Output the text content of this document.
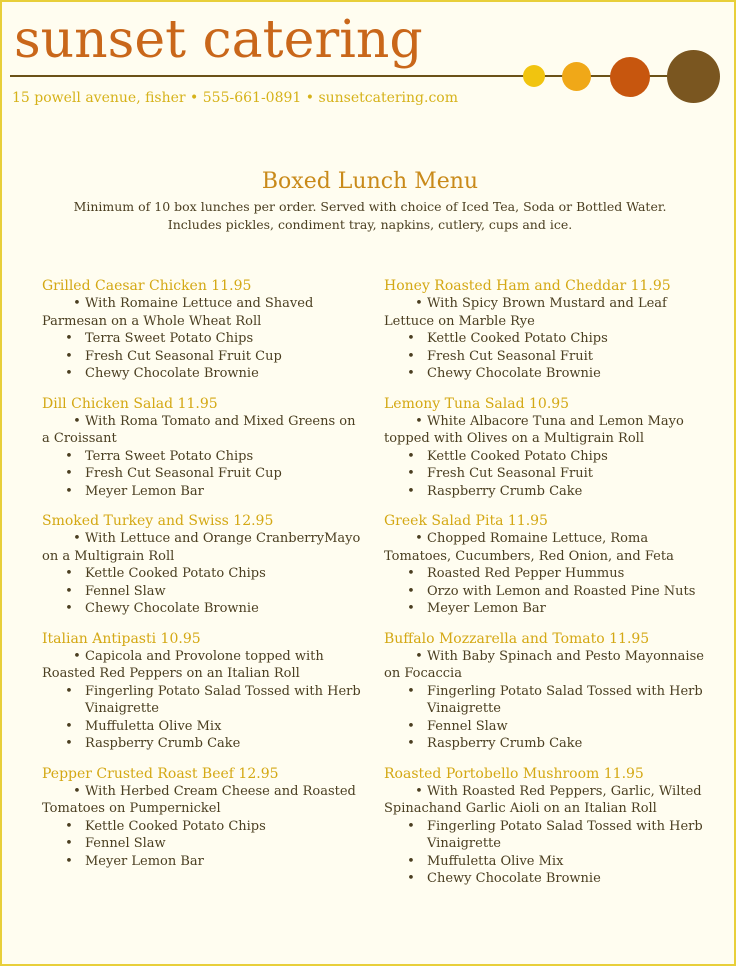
sunset catering
15 powell avenue, fisher • 555-661-0891 • sunsetcatering.com
Boxed Lunch Menu
Minimum of 10 box lunches per order. Served with choice of Iced Tea, Soda or Bottled Water.
Includes pickles, condiment tray, napkins, cutlery, cups and ice.
Grilled Caesar Chicken 11.95
• With Romaine Lettuce and Shaved Parmesan on a Whole Wheat Roll
• Terra Sweet Potato Chips
• Fresh Cut Seasonal Fruit Cup
• Chewy Chocolate Brownie
Dill Chicken Salad 11.95
• With Roma Tomato and Mixed Greens on a Croissant
• Terra Sweet Potato Chips
• Fresh Cut Seasonal Fruit Cup
• Meyer Lemon Bar
Smoked Turkey and Swiss 12.95
• With Lettuce and Orange CranberryMayo on a Multigrain Roll
• Kettle Cooked Potato Chips
• Fennel Slaw
• Chewy Chocolate Brownie
Italian Antipasti 10.95
• Capicola and Provolone topped with Roasted Red Peppers on an Italian Roll
• Fingerling Potato Salad Tossed with Herb Vinaigrette
• Muffuletta Olive Mix
• Raspberry Crumb Cake
Pepper Crusted Roast Beef 12.95
• With Herbed Cream Cheese and Roasted Tomatoes on Pumpernickel
• Kettle Cooked Potato Chips
• Fennel Slaw
• Meyer Lemon Bar
Honey Roasted Ham and Cheddar 11.95
• With Spicy Brown Mustard and Leaf Lettuce on Marble Rye
• Kettle Cooked Potato Chips
• Fresh Cut Seasonal Fruit
• Chewy Chocolate Brownie
Lemony Tuna Salad 10.95
• White Albacore Tuna and Lemon Mayo topped with Olives on a Multigrain Roll
• Kettle Cooked Potato Chips
• Fresh Cut Seasonal Fruit
• Raspberry Crumb Cake
Greek Salad Pita 11.95
• Chopped Romaine Lettuce, Roma Tomatoes, Cucumbers, Red Onion, and Feta
• Roasted Red Pepper Hummus
• Orzo with Lemon and Roasted Pine Nuts
• Meyer Lemon Bar
Buffalo Mozzarella and Tomato 11.95
• With Baby Spinach and Pesto Mayonnaise on Focaccia
• Fingerling Potato Salad Tossed with Herb Vinaigrette
• Fennel Slaw
• Raspberry Crumb Cake
Roasted Portobello Mushroom 11.95
• With Roasted Red Peppers, Garlic, Wilted Spinachand Garlic Aioli on an Italian Roll
• Fingerling Potato Salad Tossed with Herb Vinaigrette
• Muffuletta Olive Mix
• Chewy Chocolate Brownie
